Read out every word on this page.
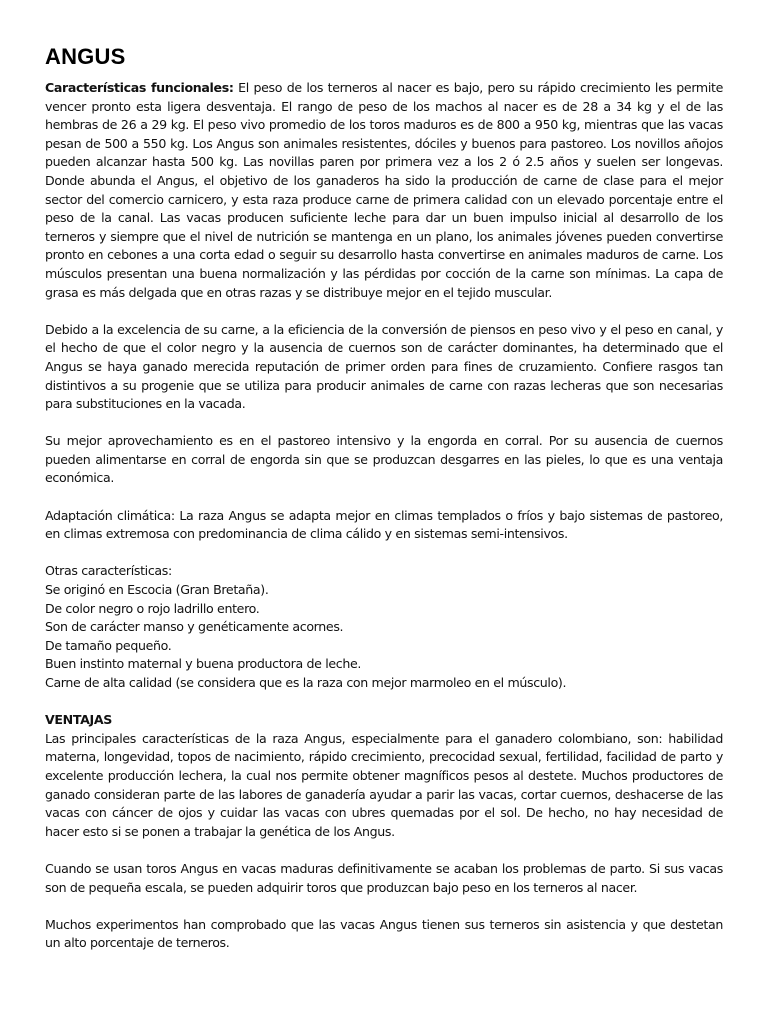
ANGUS

Características funcionales: El peso de los terneros al nacer es bajo, pero su rápido crecimiento les permite vencer pronto esta ligera desventaja. El rango de peso de los machos al nacer es de 28 a 34 kg y el de las hembras de 26 a 29 kg. El peso vivo promedio de los toros maduros es de 800 a 950 kg, mientras que las vacas pesan de 500 a 550 kg. Los Angus son animales resistentes, dóciles y buenos para pastoreo. Los novillos añojos pueden alcanzar hasta 500 kg. Las novillas paren por primera vez a los 2 ó 2.5 años y suelen ser longevas. Donde abunda el Angus, el objetivo de los ganaderos ha sido la producción de carne de clase para el mejor sector del comercio carnicero, y esta raza produce carne de primera calidad con un elevado porcentaje entre el peso de la canal. Las vacas producen suficiente leche para dar un buen impulso inicial al desarrollo de los terneros y siempre que el nivel de nutrición se mantenga en un plano, los animales jóvenes pueden convertirse pronto en cebones a una corta edad o seguir su desarrollo hasta convertirse en animales maduros de carne. Los músculos presentan una buena normalización y las pérdidas por cocción de la carne son mínimas. La capa de grasa es más delgada que en otras razas y se distribuye mejor en el tejido muscular.

Debido a la excelencia de su carne, a la eficiencia de la conversión de piensos en peso vivo y el peso en canal, y el hecho de que el color negro y la ausencia de cuernos son de carácter dominantes, ha determinado que el Angus se haya ganado merecida reputación de primer orden para fines de cruzamiento. Confiere rasgos tan distintivos a su progenie que se utiliza para producir animales de carne con razas lecheras que son necesarias para substituciones en la vacada.

Su mejor aprovechamiento es en el pastoreo intensivo y la engorda en corral. Por su ausencia de cuernos pueden alimentarse en corral de engorda sin que se produzcan desgarres en las pieles, lo que es una ventaja económica.

Adaptación climática: La raza Angus se adapta mejor en climas templados o fríos y bajo sistemas de pastoreo, en climas extremosa con predominancia de clima cálido y en sistemas semi-intensivos.

Otras características:
Se originó en Escocia (Gran Bretaña).
De color negro o rojo ladrillo entero.
Son de carácter manso y genéticamente acornes.
De tamaño pequeño.
Buen instinto maternal y buena productora de leche.
Carne de alta calidad (se considera que es la raza con mejor marmoleo en el músculo).
VENTAJAS
Las principales características de la raza Angus, especialmente para el ganadero colombiano, son: habilidad materna, longevidad, topos de nacimiento, rápido crecimiento, precocidad sexual, fertilidad, facilidad de parto y excelente producción lechera, la cual nos permite obtener magníficos pesos al destete. Muchos productores de ganado consideran parte de las labores de ganadería ayudar a parir las vacas, cortar cuernos, deshacerse de las vacas con cáncer de ojos y cuidar las vacas con ubres quemadas por el sol. De hecho, no hay necesidad de hacer esto si se ponen a trabajar la genética de los Angus.

Cuando se usan toros Angus en vacas maduras definitivamente se acaban los problemas de parto. Si sus vacas son de pequeña escala, se pueden adquirir toros que produzcan bajo peso en los terneros al nacer.

Muchos experimentos han comprobado que las vacas Angus tienen sus terneros sin asistencia y que destetan un alto porcentaje de terneros.
